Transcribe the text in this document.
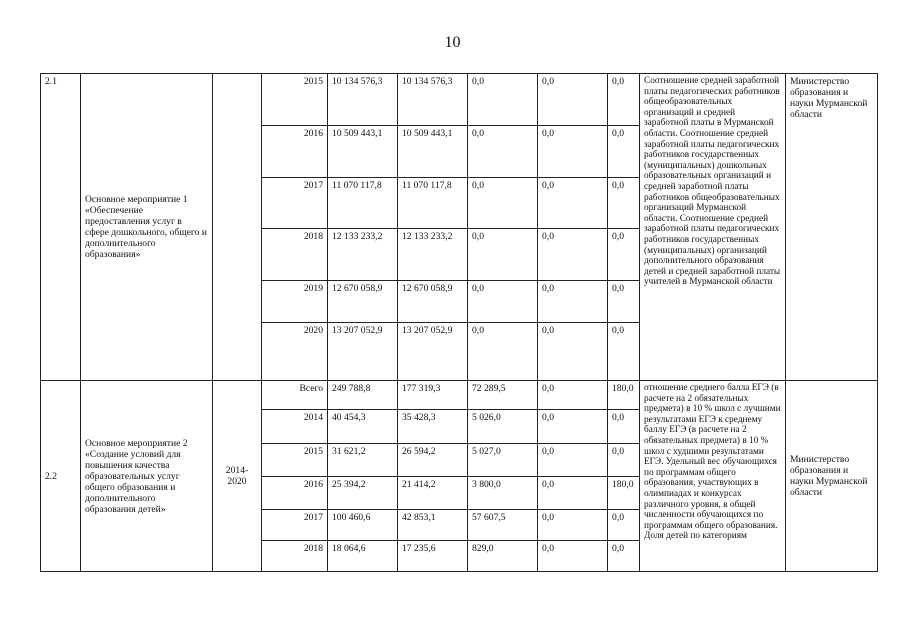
10
2.1	Основное мероприятие 1 «Обеспечение предоставления услуг в сфере дошкольного, общего и дополнительного образования»		2015	10 134 576,3	10 134 576,3	0,0	0,0	0,0	Соотношение средней заработной платы педагогических работников общеобразовательных организаций и средней заработной платы в Мурманской области. Соотношение средней заработной платы педагогических работников государственных (муниципальных) дошкольных образовательных организаций и средней заработной платы работников общеобразовательных организаций Мурманской области. Соотношение средней заработной платы педагогических работников государственных (муниципальных) организаций дополнительного образования детей и средней заработной платы учителей в Мурманской области	Министерство образования и науки Мурманской области
			2016	10 509 443,1	10 509 443,1	0,0	0,0	0,0		
			2017	11 070 117,8	11 070 117,8	0,0	0,0	0,0		
			2018	12 133 233,2	12 133 233,2	0,0	0,0	0,0		
			2019	12 670 058,9	12 670 058,9	0,0	0,0	0,0		
			2020	13 207 052,9	13 207 052,9	0,0	0,0	0,0		
2.2	Основное мероприятие 2 «Создание условий для повышения качества образовательных услуг общего образования и дополнительного образования детей»	2014-2020	Всего	249 788,8	177 319,3	72 289,5	0,0	180,0	отношение среднего балла ЕГЭ (в расчете на 2 обязательных предмета) в 10 % школ с лучшими результатами ЕГЭ к среднему баллу ЕГЭ (в расчете на 2 обязательных предмета) в 10 % школ с худшими результатами ЕГЭ. Удельный вес обучающихся по программам общего образования, участвующих в олимпиадах и конкурсах различного уровня, в общей численности обучающихся по программам общего образования. Доля детей по категориям	Министерство образования и науки Мурманской области
			2014	40 454,3	35 428,3	5 026,0	0,0	0,0		
			2015	31 621,2	26 594,2	5 027,0	0,0	0,0		
			2016	25 394,2	21 414,2	3 800,0	0,0	180,0		
			2017	100 460,6	42 853,1	57 607,5	0,0	0,0		
			2018	18 064,6	17 235,6	829,0	0,0	0,0		
